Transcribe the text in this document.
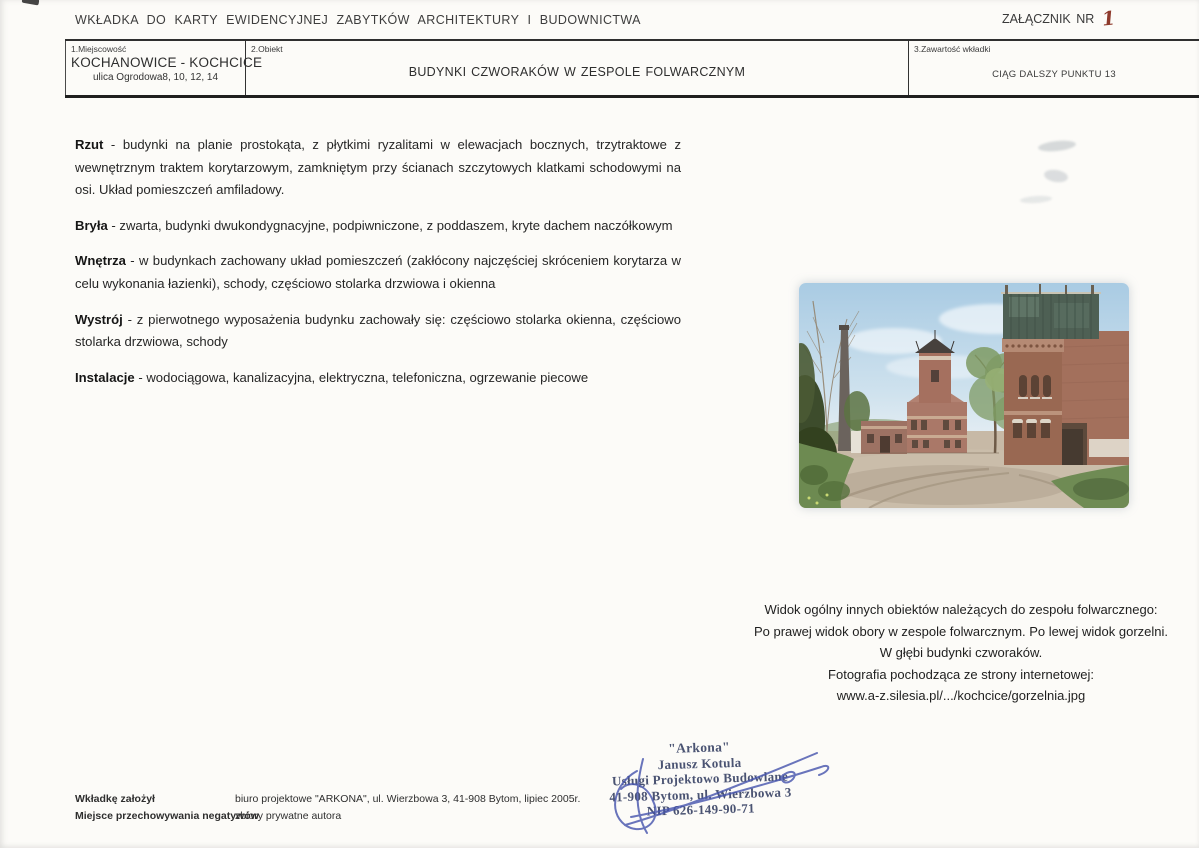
WKŁADKA DO KARTY EWIDENCYJNEJ ZABYTKÓW ARCHITEKTURY I BUDOWNICTWA	ZAŁĄCZNIK NR 1
1.Miejscowość
KOCHANOWICE - KOCHCICE
ulica Ogrodowa8, 10, 12, 14
2.Obiekt
BUDYNKI CZWORAKÓW W ZESPOLE FOLWARCZNYM
3.Zawartość wkładki
CIĄG DALSZY PUNKTU 13

Rzut - budynki na planie prostokąta, z płytkimi ryzalitami w elewacjach bocznych, trzytraktowe z wewnętrznym traktem korytarzowym, zamkniętym przy ścianach szczytowych klatkami schodowymi na osi. Układ pomieszczeń amfiladowy.

Bryła - zwarta, budynki dwukondygnacyjne, podpiwniczone, z poddaszem, kryte dachem naczółkowym

Wnętrza - w budynkach zachowany układ pomieszczeń (zakłócony najczęściej skróceniem korytarza w celu wykonania łazienki), schody, częściowo stolarka drzwiowa i okienna

Wystrój - z pierwotnego wyposażenia budynku zachowały się: częściowo stolarka okienna, częściowo stolarka drzwiowa, schody

Instalacje - wodociągowa, kanalizacyjna, elektryczna, telefoniczna, ogrzewanie piecowe

Widok ogólny innych obiektów należących do zespołu folwarcznego:
Po prawej widok obory w zespole folwarcznym. Po lewej widok gorzelni.
W głębi budynki czworaków.
Fotografia pochodząca ze strony internetowej:
www.a-z.silesia.pl/.../kochcice/gorzelnia.jpg
"Arkona"
Janusz Kotula
Usługi Projektowo Budowlane
41-908 Bytom, ul. Wierzbowa 3
NIP 626-149-90-71
Wkładkę założył	biuro projektowe "ARKONA", ul. Wierzbowa 3, 41-908 Bytom, lipiec 2005r.
Miejsce przechowywania negatywów
zbiory prywatne autora
